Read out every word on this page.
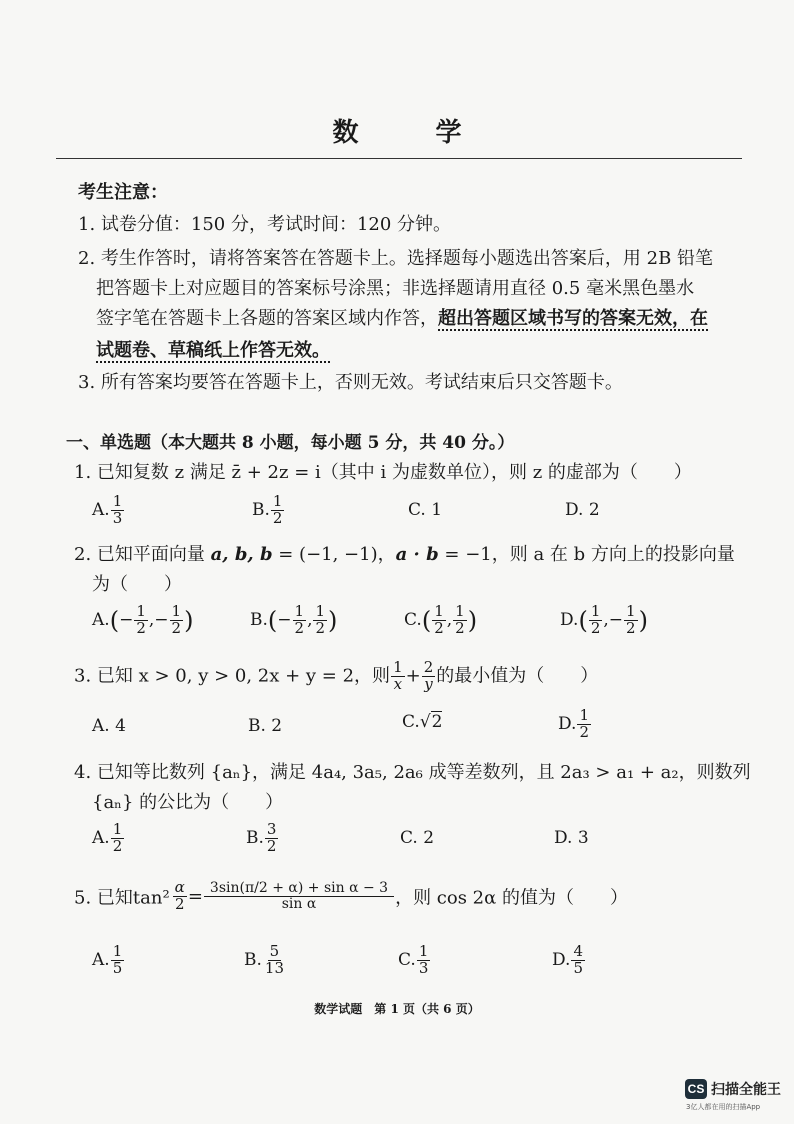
数 学
考生注意：
1. 试卷分值：150 分，考试时间：120 分钟。
2. 考生作答时，请将答案答在答题卡上。选择题每小题选出答案后，用 2B 铅笔
把答题卡上对应题目的答案标号涂黑；非选择题请用直径 0.5 毫米黑色墨水
签字笔在答题卡上各题的答案区域内作答，超出答题区域书写的答案无效，在
试题卷、草稿纸上作答无效。
3. 所有答案均要答在答题卡上，否则无效。考试结束后只交答题卡。
一、单选题（本大题共 8 小题，每小题 5 分，共 40 分。）
1. 已知复数 z 满足 z̄ + 2z = i（其中 i 为虚数单位），则 z 的虚部为（　　）
A. $\frac{1}{3}$	B. $\frac{1}{2}$	C. 1	D. 2
2. 已知平面向量 a, b, b = (−1, −1)，a · b = −1，则 a 在 b 方向上的投影向量
为（　　）
$A.(- \frac{1}{2}$ ,− $\frac{1}{2}$ )	$B.(- \frac{1}{2}$ , $\frac{1}{2}$ )	$C.( \frac{1}{2}$ , $\frac{1}{2}$ )	$D.( \frac{1}{2}$ ,− $\frac{1}{2}$ )
3. 已知 x > 0, y > 0, 2x + y = 2，则 $\frac{1}{x} + \frac{2}{y}$ 的最小值为（　　）
A. 4	B. 2	C.√2	D. $\frac{1}{2}$
4. 已知等比数列 {aₙ}，满足 4a₄, 3a₅, 2a₆ 成等差数列，且 2a₃ > a₁ + a₂，则数列
{aₙ} 的公比为（　　）
A. $\frac{1}{2}$	B. $\frac{3}{2}$	C. 2	D. 3
5. 已知$\tan^2 \frac{\alpha}{2} = \frac{\text{3sin(π/2 + α) + sin α − 3}}{\text{sin α}}$ ，则 cos 2α 的值为（　　）
A. $\frac{1}{5}$	B. $\frac{5}{13}$	C. $\frac{1}{3}$	D. $\frac{4}{5}$
数学试题　第 1 页（共 6 页）
CS 扫描全能王
3亿人都在用的扫描App
